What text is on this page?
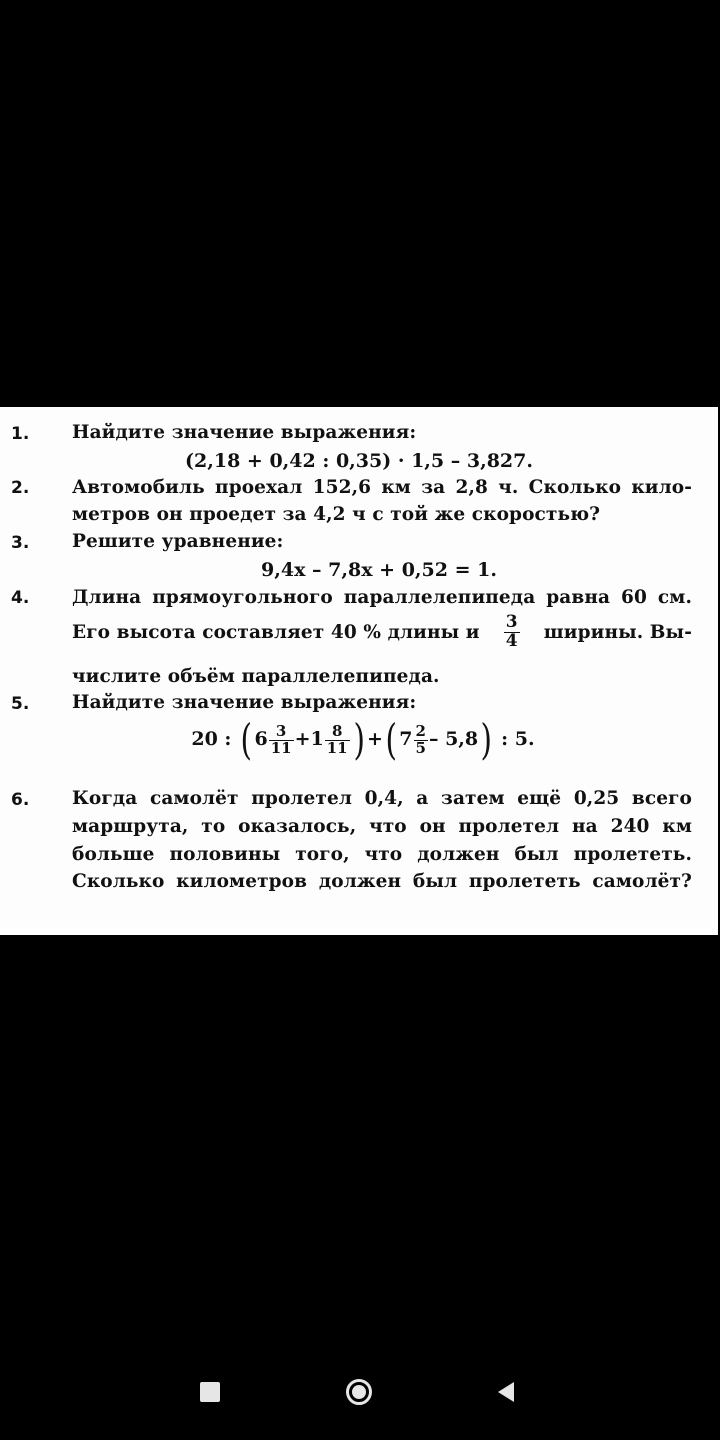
1. Найдите значение выражения:
(2,18 + 0,42 : 0,35) · 1,5 – 3,827.
2. Автомобиль проехал 152,6 км за 2,8 ч. Сколько кило-
метров он проедет за 4,2 ч с той же скоростью?
3. Решите уравнение:
9,4x – 7,8x + 0,52 = 1.
4. Длина прямоугольного параллелепипеда равна 60 см.
Его высота составляет 40 % длины и $\frac{3}{4}$ ширины. Вы-
числите объём параллелепипеда.
5. Найдите значение выражения:
20 : ( $6 \frac{3}{11} +1 \frac{8}{11}$ ) +( $7 \frac{2}{5} - 5,8$) : 5.
6. Когда самолёт пролетел 0,4, а затем ещё 0,25 всего
маршрута, то оказалось, что он пролетел на 240 км
больше половины того, что должен был пролететь.
Сколько километров должен был пролететь самолёт?
